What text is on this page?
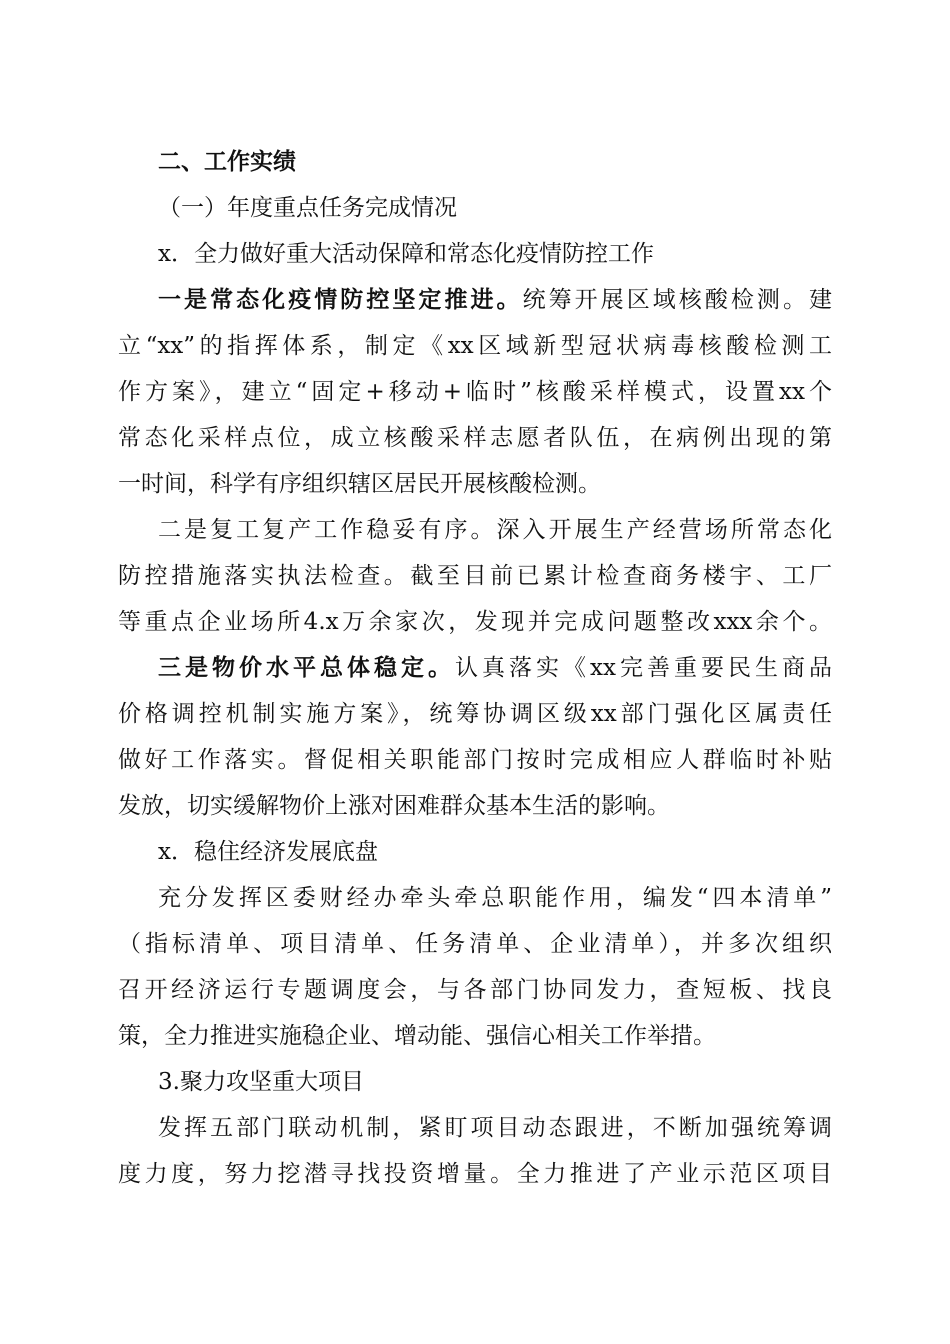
二、工作实绩
（一）年度重点任务完成情况
x．全力做好重大活动保障和常态化疫情防控工作
一是常态化疫情防控坚定推进。统筹开展区域核酸检测。建
立“xx”的指挥体系，制定《xx区域新型冠状病毒核酸检测工
作方案》，建立“固定+移动+临时”核酸采样模式，设置xx个
常态化采样点位，成立核酸采样志愿者队伍，在病例出现的第
一时间，科学有序组织辖区居民开展核酸检测。
二是复工复产工作稳妥有序。深入开展生产经营场所常态化
防控措施落实执法检查。截至目前已累计检查商务楼宇、工厂
等重点企业场所4.x万余家次，发现并完成问题整改xxx余个。
三是物价水平总体稳定。认真落实《xx完善重要民生商品
价格调控机制实施方案》，统筹协调区级xx部门强化区属责任
做好工作落实。督促相关职能部门按时完成相应人群临时补贴
发放，切实缓解物价上涨对困难群众基本生活的影响。
x．稳住经济发展底盘
充分发挥区委财经办牵头牵总职能作用，编发“四本清单”
（指标清单、项目清单、任务清单、企业清单），并多次组织
召开经济运行专题调度会，与各部门协同发力，查短板、找良
策，全力推进实施稳企业、增动能、强信心相关工作举措。
3.聚力攻坚重大项目
发挥五部门联动机制，紧盯项目动态跟进，不断加强统筹调
度力度，努力挖潜寻找投资增量。全力推进了产业示范区项目
